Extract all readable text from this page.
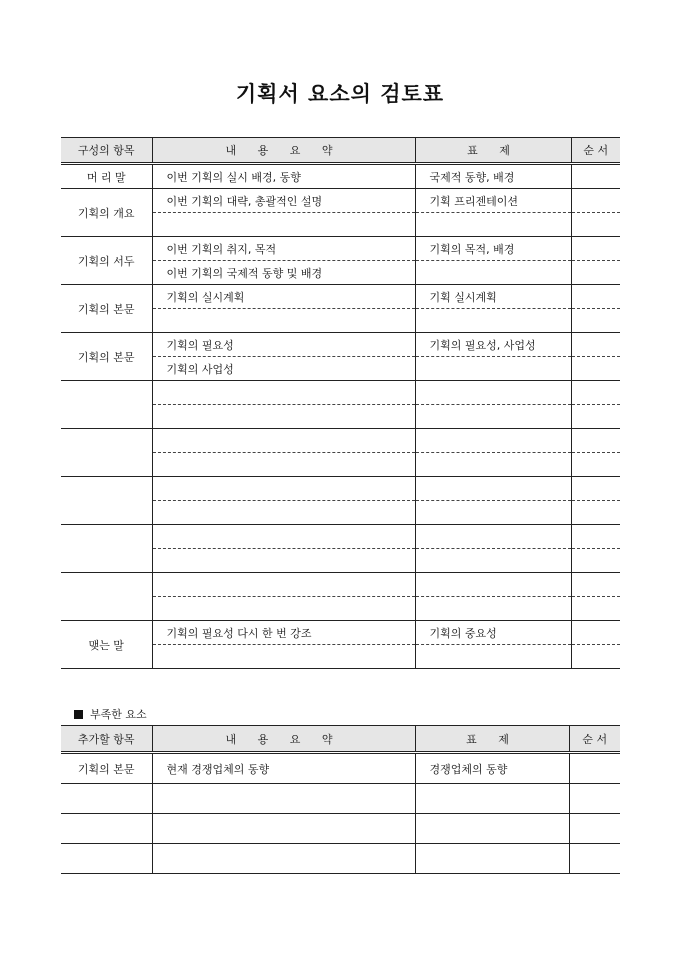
기획서 요소의 검토표
구성의 항목	내 용 요 약	표 제	순 서
머 리 말	이번 기획의 실시 배경, 동향	국제적 동향, 배경	
기획의 개요	이번 기획의 대략, 총괄적인 설명	기획 프리젠테이션	

기획의 서두	이번 기획의 취지, 목적	기획의 목적, 배경	
	이번 기획의 국제적 동향 및 배경		
기획의 본문	기획의 실시계획	기획 실시계획	

기획의 본문	기획의 필요성	기획의 필요성, 사업성	
	기획의 사업성		

맺는 말	기획의 필요성 다시 한 번 강조	기획의 중요성	

부족한 요소
추가할 항목	내 용 요 약	표 제	순 서
기획의 본문	현재 경쟁업체의 동향	경쟁업체의 동향	
